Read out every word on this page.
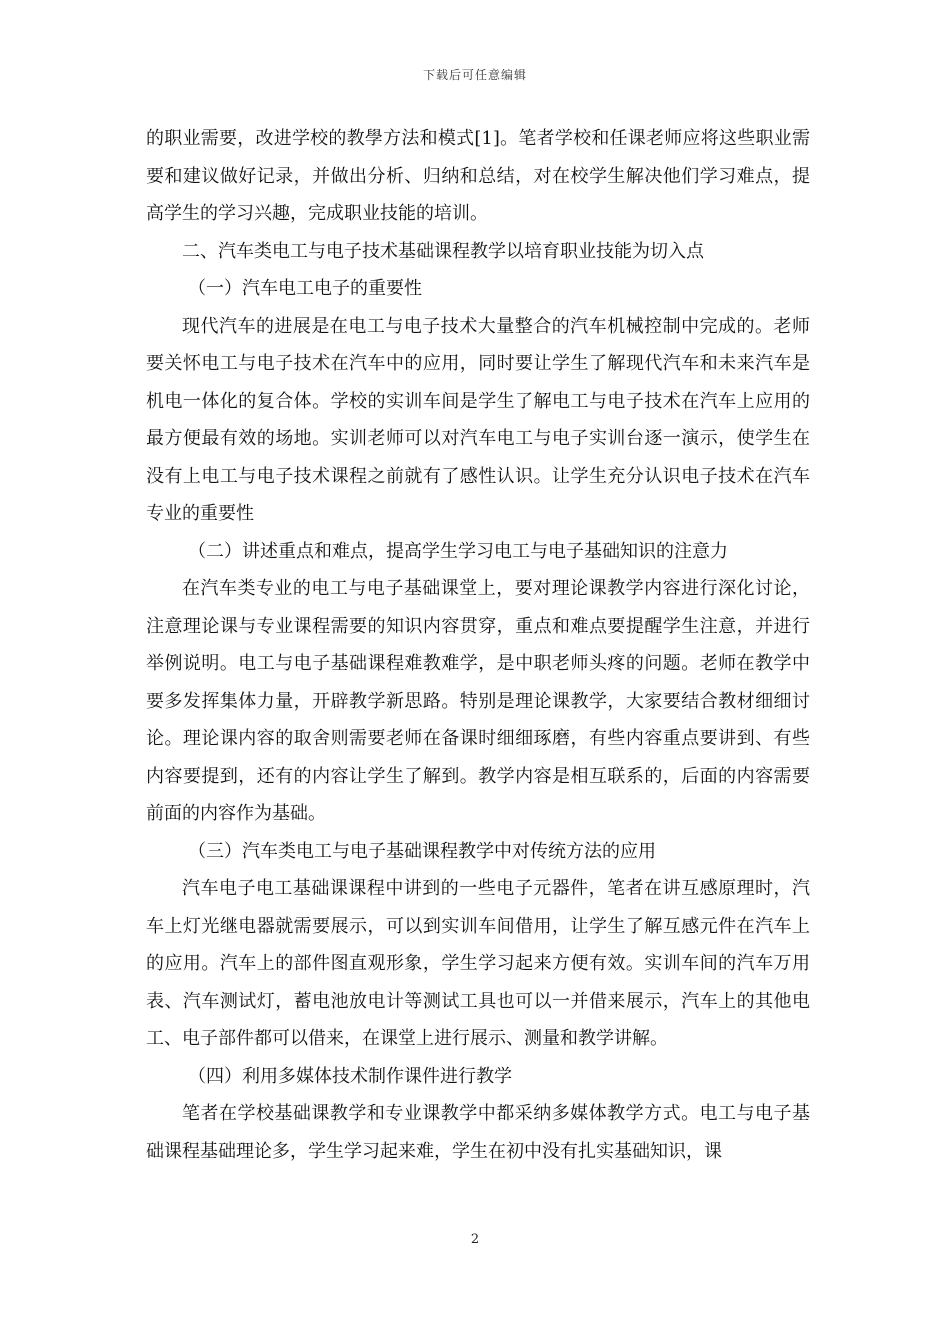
下载后可任意编辑

的职业需要，改进学校的教學方法和模式[1]。笔者学校和任课老师应将这些职业需要和建议做好记录，并做出分析、归纳和总结，对在校学生解决他们学习难点，提高学生的学习兴趣，完成职业技能的培训。

二、汽车类电工与电子技术基础课程教学以培育职业技能为切入点

（一）汽车电工电子的重要性

现代汽车的进展是在电工与电子技术大量整合的汽车机械控制中完成的。老师要关怀电工与电子技术在汽车中的应用，同时要让学生了解现代汽车和未来汽车是机电一体化的复合体。学校的实训车间是学生了解电工与电子技术在汽车上应用的最方便最有效的场地。实训老师可以对汽车电工与电子实训台逐一演示，使学生在没有上电工与电子技术课程之前就有了感性认识。让学生充分认识电子技术在汽车专业的重要性

（二）讲述重点和难点，提高学生学习电工与电子基础知识的注意力

在汽车类专业的电工与电子基础课堂上，要对理论课教学内容进行深化讨论，注意理论课与专业课程需要的知识内容贯穿，重点和难点要提醒学生注意，并进行举例说明。电工与电子基础课程难教难学，是中职老师头疼的问题。老师在教学中要多发挥集体力量，开辟教学新思路。特别是理论课教学，大家要结合教材细细讨论。理论课内容的取舍则需要老师在备课时细细琢磨，有些内容重点要讲到、有些内容要提到，还有的内容让学生了解到。教学内容是相互联系的，后面的内容需要前面的内容作为基础。

（三）汽车类电工与电子基础课程教学中对传统方法的应用

汽车电子电工基础课课程中讲到的一些电子元器件，笔者在讲互感原理时，汽车上灯光继电器就需要展示，可以到实训车间借用，让学生了解互感元件在汽车上的应用。汽车上的部件图直观形象，学生学习起来方便有效。实训车间的汽车万用表、汽车测试灯，蓄电池放电计等测试工具也可以一并借来展示，汽车上的其他电工、电子部件都可以借来，在课堂上进行展示、测量和教学讲解。

（四）利用多媒体技术制作课件进行教学

笔者在学校基础课教学和专业课教学中都采纳多媒体教学方式。电工与电子基础课程基础理论多，学生学习起来难，学生在初中没有扎实基础知识，课

2
